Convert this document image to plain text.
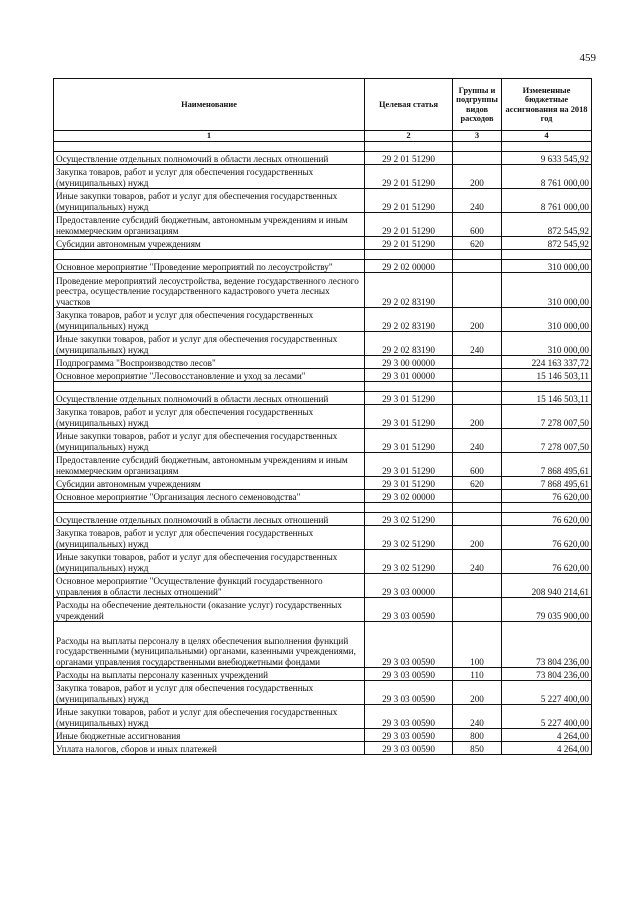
459
Наименование	Целевая статья	Группы и подгруппы видов расходов	Измененные бюджетные ассигнования на 2018 год
1	2	3	4

Осуществление отдельных полномочий в области лесных отношений	29 2 01 51290		9 633 545,92
Закупка товаров, работ и услуг для обеспечения государственных (муниципальных) нужд	29 2 01 51290	200	8 761 000,00
Иные закупки товаров, работ и услуг для обеспечения государственных (муниципальных) нужд	29 2 01 51290	240	8 761 000,00
Предоставление субсидий бюджетным, автономным учреждениям и иным некоммерческим организациям	29 2 01 51290	600	872 545,92
Субсидии автономным учреждениям	29 2 01 51290	620	872 545,92

Основное мероприятие "Проведение мероприятий по лесоустройству"	29 2 02 00000		310 000,00
Проведение мероприятий лесоустройства, ведение государственного лесного реестра, осуществление государственного кадастрового учета лесных участков	29 2 02 83190		310 000,00
Закупка товаров, работ и услуг для обеспечения государственных (муниципальных) нужд	29 2 02 83190	200	310 000,00
Иные закупки товаров, работ и услуг для обеспечения государственных (муниципальных) нужд	29 2 02 83190	240	310 000,00
Подпрограмма "Воспроизводство лесов"	29 3 00 00000		224 163 337,72
Основное мероприятие "Лесовосстановление и уход за лесами"	29 3 01 00000		15 146 503,11

Осуществление отдельных полномочий в области лесных отношений	29 3 01 51290		15 146 503,11
Закупка товаров, работ и услуг для обеспечения государственных (муниципальных) нужд	29 3 01 51290	200	7 278 007,50
Иные закупки товаров, работ и услуг для обеспечения государственных (муниципальных) нужд	29 3 01 51290	240	7 278 007,50
Предоставление субсидий бюджетным, автономным учреждениям и иным некоммерческим организациям	29 3 01 51290	600	7 868 495,61
Субсидии автономным учреждениям	29 3 01 51290	620	7 868 495,61
Основное мероприятие "Организация лесного семеноводства"	29 3 02 00000		76 620,00

Осуществление отдельных полномочий в области лесных отношений	29 3 02 51290		76 620,00
Закупка товаров, работ и услуг для обеспечения государственных (муниципальных) нужд	29 3 02 51290	200	76 620,00
Иные закупки товаров, работ и услуг для обеспечения государственных (муниципальных) нужд	29 3 02 51290	240	76 620,00
Основное мероприятие "Осуществление функций государственного управления в области лесных отношений"	29 3 03 00000		208 940 214,61
Расходы на обеспечение деятельности (оказание услуг) государственных учреждений	29 3 03 00590		79 035 900,00
Расходы на выплаты персоналу в целях обеспечения выполнения функций государственными (муниципальными) органами, казенными учреждениями, органами управления государственными внебюджетными фондами	29 3 03 00590	100	73 804 236,00
Расходы на выплаты персоналу казенных учреждений	29 3 03 00590	110	73 804 236,00
Закупка товаров, работ и услуг для обеспечения государственных (муниципальных) нужд	29 3 03 00590	200	5 227 400,00
Иные закупки товаров, работ и услуг для обеспечения государственных (муниципальных) нужд	29 3 03 00590	240	5 227 400,00
Иные бюджетные ассигнования	29 3 03 00590	800	4 264,00
Уплата налогов, сборов и иных платежей	29 3 03 00590	850	4 264,00
